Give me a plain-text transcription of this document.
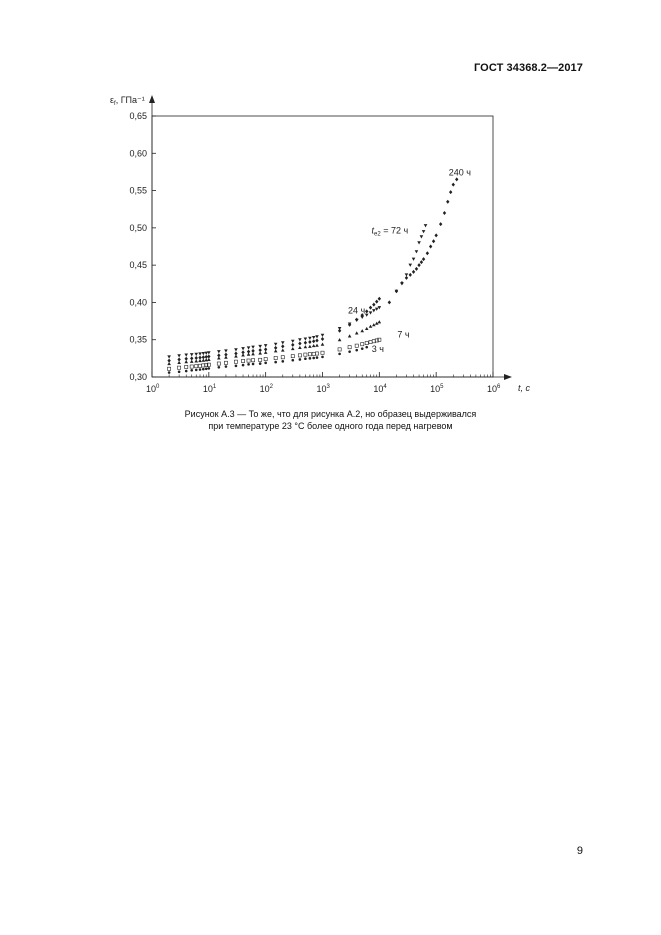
ГОСТ 34368.2—2017
0,30
0,35
0,40
0,45
0,50
0,55
0,60
0,65
$10^0$	$10^1$	$10^2$	$10^3$	$10^4$	$10^5$	$10^6$
$\varepsilon_f$, ГПа⁻¹
t, с
$t_{e2} = 72$ ч
240 ч
24 ч
7 ч
3 ч
Рисунок А.3 — То же, что для рисунка А.2, но образец выдерживался
при температуре 23 °С более одного года перед нагревом
9
